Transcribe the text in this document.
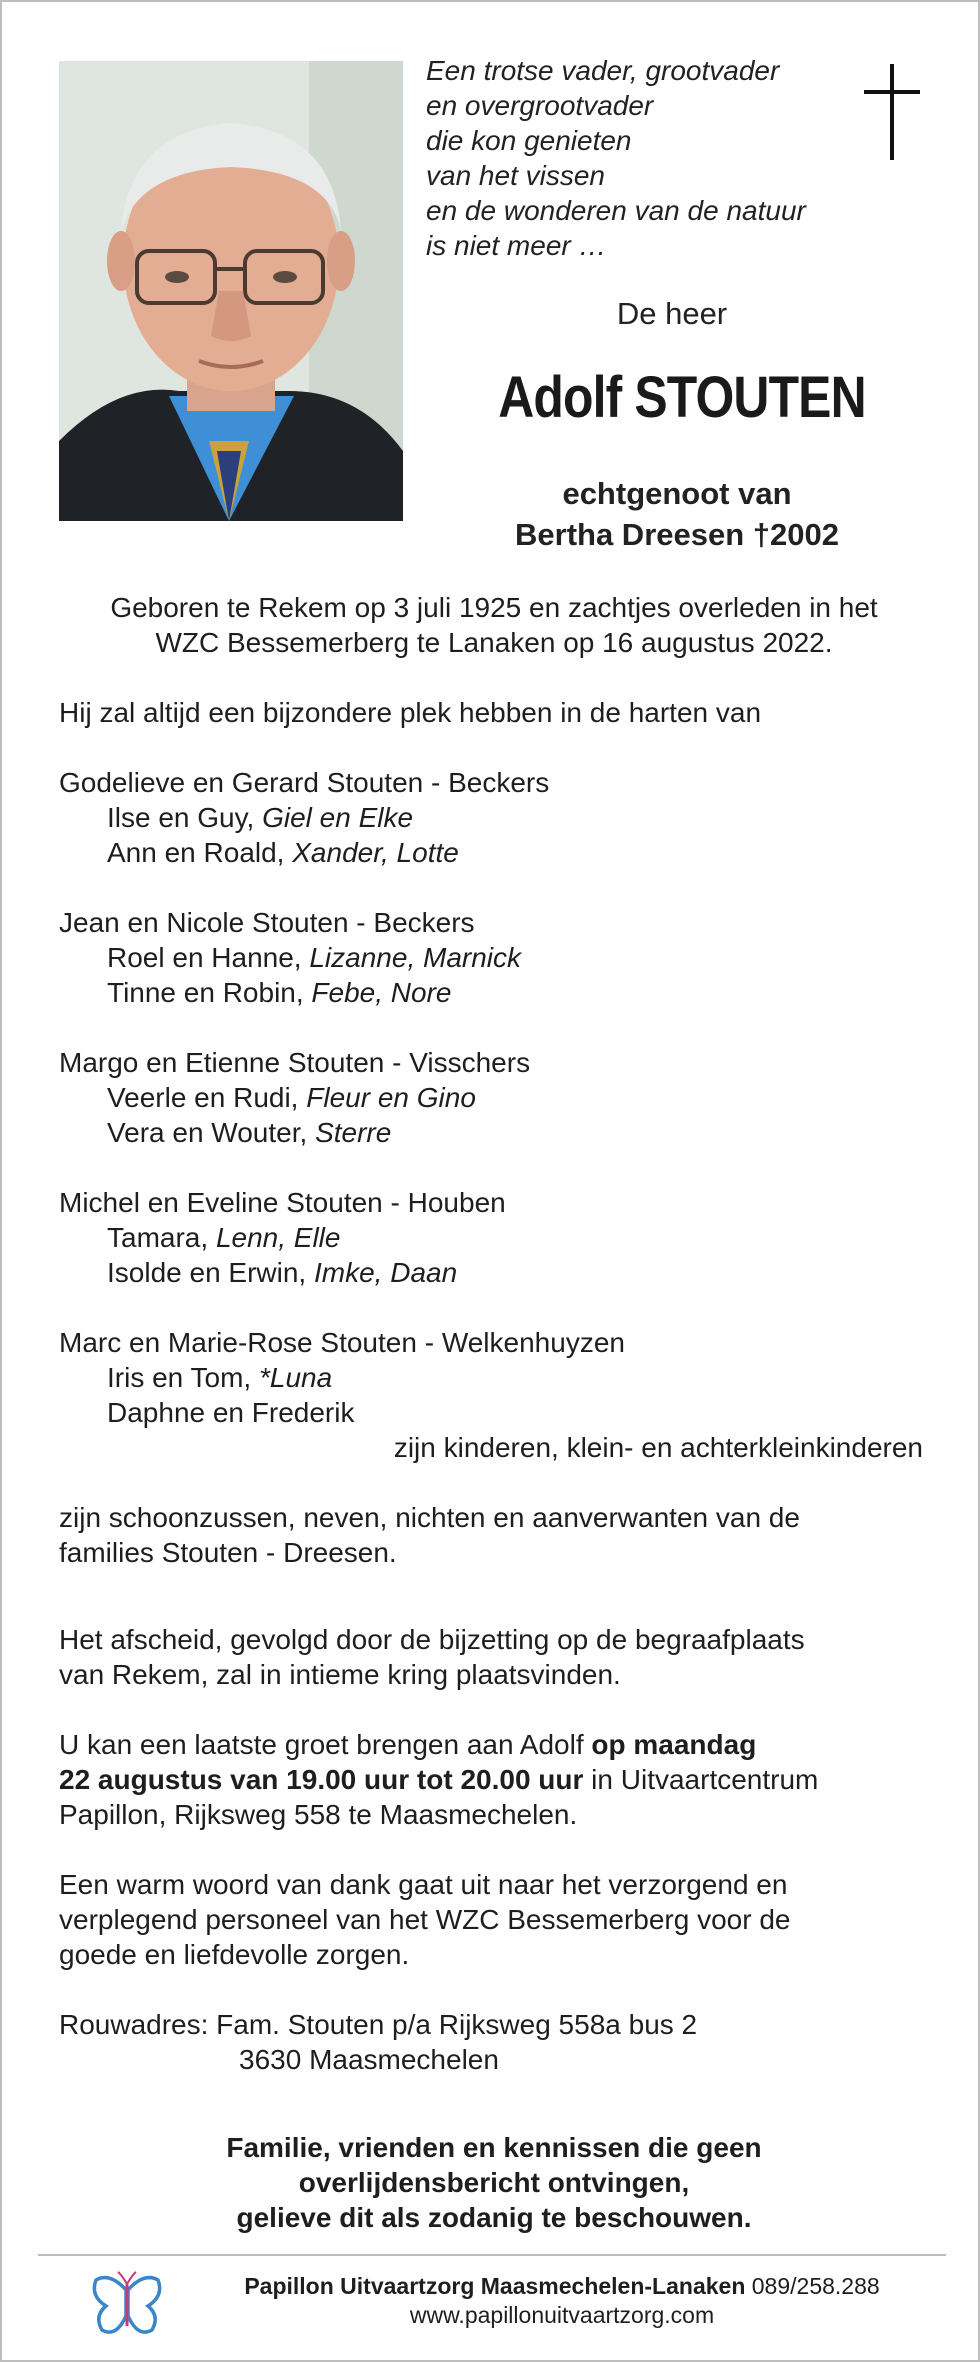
Een trotse vader, grootvader
en overgrootvader
die kon genieten
van het vissen
en de wonderen van de natuur
is niet meer …
De heer
Adolf STOUTEN
echtgenoot van
Bertha Dreesen †2002
Geboren te Rekem op 3 juli 1925 en zachtjes overleden in het
WZC Bessemerberg te Lanaken op 16 augustus 2022.
Hij zal altijd een bijzondere plek hebben in de harten van
Godelieve en Gerard Stouten - Beckers
Ilse en Guy, Giel en Elke
Ann en Roald, Xander, Lotte
Jean en Nicole Stouten - Beckers
Roel en Hanne, Lizanne, Marnick
Tinne en Robin, Febe, Nore
Margo en Etienne Stouten - Visschers
Veerle en Rudi, Fleur en Gino
Vera en Wouter, Sterre
Michel en Eveline Stouten - Houben
Tamara, Lenn, Elle
Isolde en Erwin, Imke, Daan
Marc en Marie-Rose Stouten - Welkenhuyzen
Iris en Tom, *Luna
Daphne en Frederik
zijn kinderen, klein- en achterkleinkinderen
zijn schoonzussen, neven, nichten en aanverwanten van de
families Stouten - Dreesen.
Het afscheid, gevolgd door de bijzetting op de begraafplaats
van Rekem, zal in intieme kring plaatsvinden.
U kan een laatste groet brengen aan Adolf op maandag
22 augustus van 19.00 uur tot 20.00 uur in Uitvaartcentrum
Papillon, Rijksweg 558 te Maasmechelen.
Een warm woord van dank gaat uit naar het verzorgend en
verplegend personeel van het WZC Bessemerberg voor de
goede en liefdevolle zorgen.
Rouwadres: Fam. Stouten p/a Rijksweg 558a bus 2
3630 Maasmechelen
Familie, vrienden en kennissen die geen
overlijdensbericht ontvingen,
gelieve dit als zodanig te beschouwen.
Papillon Uitvaartzorg Maasmechelen-Lanaken 089/258.288
www.papillonuitvaartzorg.com
